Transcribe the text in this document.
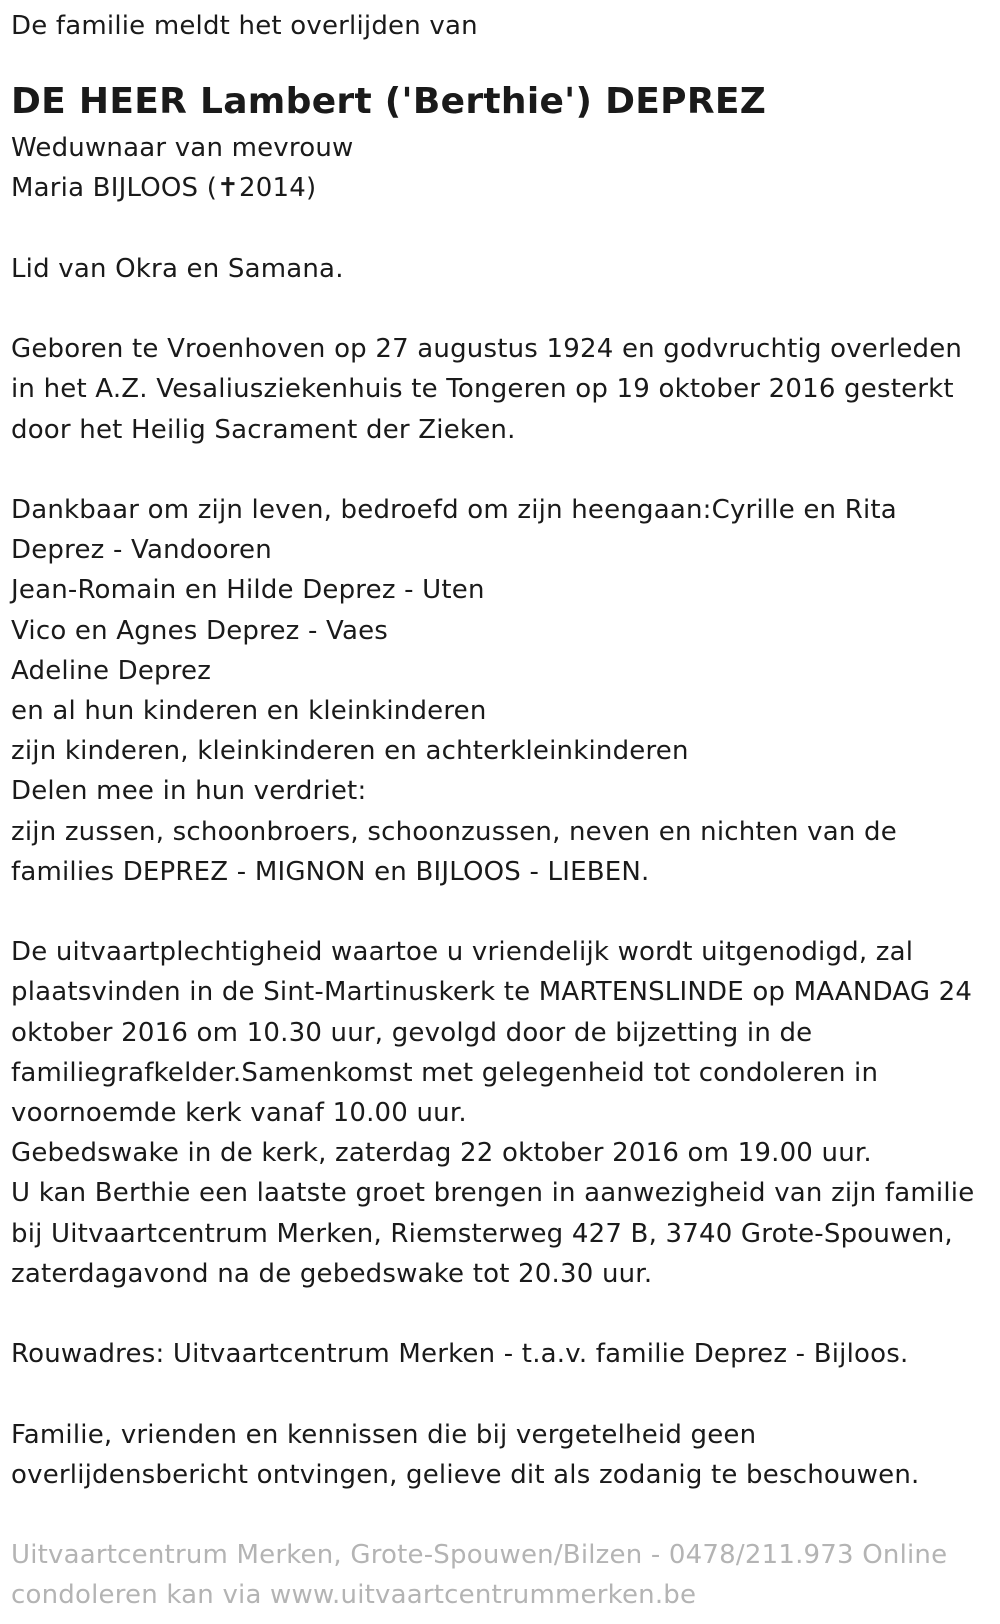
De familie meldt het overlijden van
DE HEER Lambert ('Berthie') DEPREZ
Weduwnaar van mevrouw
Maria BIJLOOS (✝2014)
Lid van Okra en Samana.
Geboren te Vroenhoven op 27 augustus 1924 en godvruchtig overleden
in het A.Z. Vesaliusziekenhuis te Tongeren op 19 oktober 2016 gesterkt
door het Heilig Sacrament der Zieken.
Dankbaar om zijn leven, bedroefd om zijn heengaan:Cyrille en Rita
Deprez - Vandooren
Jean-Romain en Hilde Deprez - Uten
Vico en Agnes Deprez - Vaes
Adeline Deprez
en al hun kinderen en kleinkinderen
zijn kinderen, kleinkinderen en achterkleinkinderen
Delen mee in hun verdriet:
zijn zussen, schoonbroers, schoonzussen, neven en nichten van de
families DEPREZ - MIGNON en BIJLOOS - LIEBEN.
De uitvaartplechtigheid waartoe u vriendelijk wordt uitgenodigd, zal
plaatsvinden in de Sint-Martinuskerk te MARTENSLINDE op MAANDAG 24
oktober 2016 om 10.30 uur, gevolgd door de bijzetting in de
familiegrafkelder.Samenkomst met gelegenheid tot condoleren in
voornoemde kerk vanaf 10.00 uur.
Gebedswake in de kerk, zaterdag 22 oktober 2016 om 19.00 uur.
U kan Berthie een laatste groet brengen in aanwezigheid van zijn familie
bij Uitvaartcentrum Merken, Riemsterweg 427 B, 3740 Grote-Spouwen,
zaterdagavond na de gebedswake tot 20.30 uur.
Rouwadres: Uitvaartcentrum Merken - t.a.v. familie Deprez - Bijloos.
Familie, vrienden en kennissen die bij vergetelheid geen
overlijdensbericht ontvingen, gelieve dit als zodanig te beschouwen.
Uitvaartcentrum Merken, Grote-Spouwen/Bilzen - 0478/211.973 Online
condoleren kan via www.uitvaartcentrummerken.be
